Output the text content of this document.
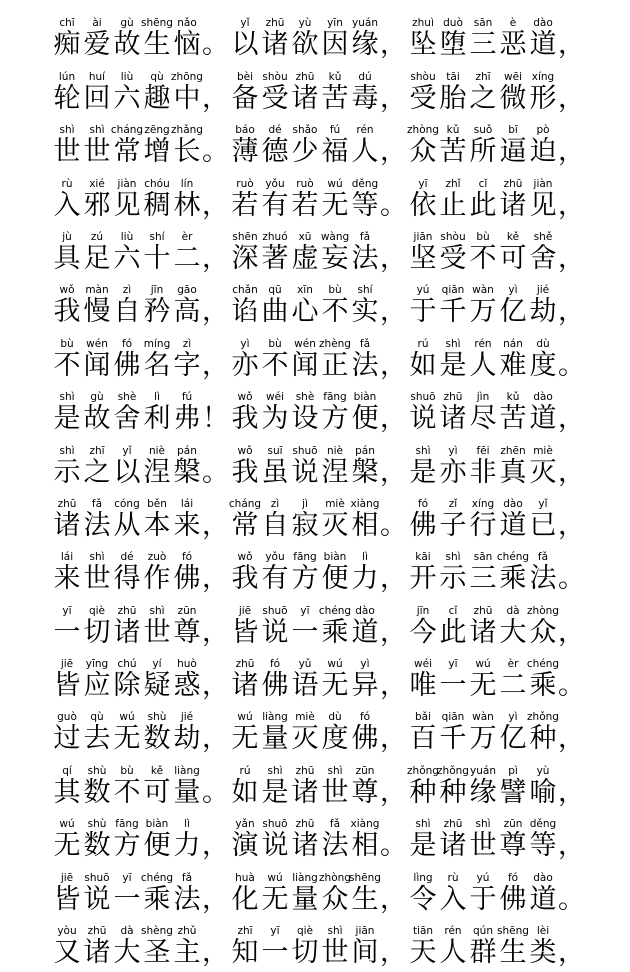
chī
痴
ài
爱
gù
故
shēng
生
nǎo
恼 。
yǐ
以
zhū
诸
yù
欲
yīn
因
yuán
缘 ，
zhuì
坠
duò
堕
sān
三
è
恶
dào
道 ，
lún
轮
huí
回
liù
六
qù
趣
zhōng
中 ，
bèi
备
shòu
受
zhū
诸
kǔ
苦
dú
毒 ，
shòu
受
tāi
胎
zhī
之
wēi
微
xíng
形 ，
shì
世
shì
世
cháng
常
zēng
增
zhǎng
长 。
báo
薄
dé
德
shǎo
少
fú
福
rén
人 ，
zhòng
众
kǔ
苦
suǒ
所
bī
逼
pò
迫 ，
rù
入
xié
邪
jiàn
见
chóu
稠
lín
林 ，
ruò
若
yǒu
有
ruò
若
wú
无
děng
等 。
yī
依
zhǐ
止
cǐ
此
zhū
诸
jiàn
见 ，
jù
具
zú
足
liù
六
shí
十
èr
二 ，
shēn
深
zhuó
著
xū
虚
wàng
妄
fǎ
法 ，
jiān
坚
shòu
受
bù
不
kě
可
shě
舍 ，
wǒ
我
màn
慢
zì
自
jīn
矜
gāo
高 ，
chǎn
谄
qū
曲
xīn
心
bù
不
shí
实 ，
yú
于
qiān
千
wàn
万
yì
亿
jié
劫 ，
bù
不
wén
闻
fó
佛
míng
名
zì
字 ，
yì
亦
bù
不
wén
闻
zhèng
正
fǎ
法 ，
rú
如
shì
是
rén
人
nán
难
dù
度 。
shì
是
gù
故
shè
舍
lì
利
fú
弗 ！
wǒ
我
wéi
为
shè
设
fāng
方
biàn
便 ，
shuō
说
zhū
诸
jìn
尽
kǔ
苦
dào
道 ，
shì
示
zhī
之
yǐ
以
niè
涅
pán
槃 。
wǒ
我
suī
虽
shuō
说
niè
涅
pán
槃 ，
shì
是
yì
亦
fēi
非
zhēn
真
miè
灭 ，
zhū
诸
fǎ
法
cóng
从
běn
本
lái
来 ，
cháng
常
zì
自
jì
寂
miè
灭
xiàng
相 。
fó
佛
zǐ
子
xíng
行
dào
道
yǐ
已 ，
lái
来
shì
世
dé
得
zuò
作
fó
佛 ，
wǒ
我
yǒu
有
fāng
方
biàn
便
lì
力 ，
kāi
开
shì
示
sān
三
chéng
乘
fǎ
法 。
yī
一
qiè
切
zhū
诸
shì
世
zūn
尊 ，
jiē
皆
shuō
说
yī
一
chéng
乘
dào
道 ，
jīn
今
cǐ
此
zhū
诸
dà
大
zhòng
众 ，
jiē
皆
yīng
应
chú
除
yí
疑
huò
惑 ，
zhū
诸
fó
佛
yǔ
语
wú
无
yì
异 ，
wéi
唯
yī
一
wú
无
èr
二
chéng
乘 。
guò
过
qù
去
wú
无
shù
数
jié
劫 ，
wú
无
liàng
量
miè
灭
dù
度
fó
佛 ，
bǎi
百
qiān
千
wàn
万
yì
亿
zhǒng
种 ，
qí
其
shù
数
bù
不
kě
可
liàng
量 。
rú
如
shì
是
zhū
诸
shì
世
zūn
尊 ，
zhǒng
种
zhǒng
种
yuán
缘
pì
譬
yù
喻 ，
wú
无
shù
数
fāng
方
biàn
便
lì
力 ，
yǎn
演
shuō
说
zhū
诸
fǎ
法
xiàng
相 。
shì
是
zhū
诸
shì
世
zūn
尊
děng
等 ，
jiē
皆
shuō
说
yī
一
chéng
乘
fǎ
法 ，
huà
化
wú
无
liàng
量
zhòng
众
shēng
生 ，
lìng
令
rù
入
yú
于
fó
佛
dào
道 。
yòu
又
zhū
诸
dà
大
shèng
圣
zhǔ
主 ，
zhī
知
yī
一
qiè
切
shì
世
jiān
间 ，
tiān
天
rén
人
qún
群
shēng
生
lèi
类 ，
